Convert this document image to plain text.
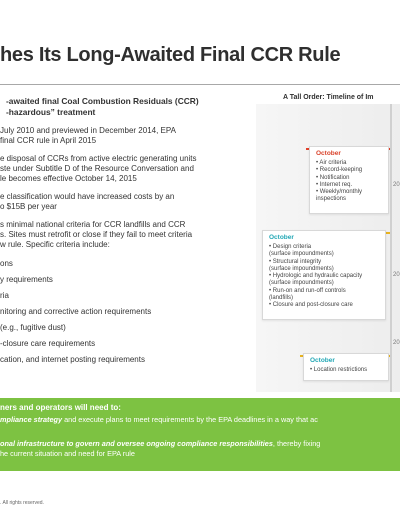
hes Its Long-Awaited Final CCR Rule
-awaited final Coal Combustion Residuals (CCR)
-hazardous” treatment
July 2010 and previewed in December 2014, EPA
final CCR rule in April 2015
e disposal of CCRs from active electric generating units
ste under Subtitle D of the Resource Conversation and
le becomes effective October 14, 2015
e classification would have increased costs by an
o $15B per year
s minimal national criteria for CCR landfills and CCR
s. Sites must retrofit or close if they fail to meet criteria
w rule. Specific criteria include:
ons
y requirements
ria
nitoring and corrective action requirements
(e.g., fugitive dust)
-closure care requirements
cation, and internet posting requirements
A Tall Order: Timeline of Im
20
20
20
October
• Air criteria
• Record-keeping
• Notification
• Internet req.
• Weekly/monthly
inspections
October
• Design criteria
(surface impoundments)
• Structural integrity
(surface impoundments)
• Hydrologic and hydraulic capacity
(surface impoundments)
• Run-on and run-off controls
(landfills)
• Closure and post-closure care
October
• Location restrictions
ners and operators will need to:
mpliance strategy and execute plans to meet requirements by the EPA deadlines in a way that ac
onal infrastructure to govern and oversee ongoing compliance responsibilities, thereby fixing
he current situation and need for EPA rule
. All rights reserved.
